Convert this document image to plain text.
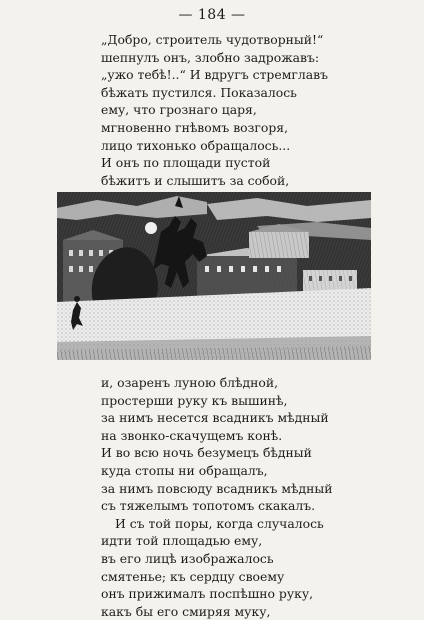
— 184 —
„Добро, строитель чудотворный!“
шепнулъ онъ, злобно задрожавъ:
„ужо тебѣ!..“ И вдругъ стремглавъ
бѣжать пустился. Показалось
ему, что грознаго царя,
мгновенно гнѣвомъ возгоря,
лицо тихонько обращалось...
И онъ по площади пустой
бѣжитъ и слышитъ за собой,
и, озаренъ луною блѣдной,
простерши руку къ вышинѣ,
за нимъ несется всадникъ мѣдный
на звонко-скачущемъ конѣ.
И во всю ночь безумецъ бѣдный
куда стопы ни обращалъ,
за нимъ повсюду всадникъ мѣдный
съ тяжелымъ топотомъ скакалъ.
И съ той поры, когда случалось
идти той площадью ему,
въ его лицѣ изображалось
смятенье; къ сердцу своему
онъ прижималъ поспѣшно руку,
какъ бы его смиряя муку,
